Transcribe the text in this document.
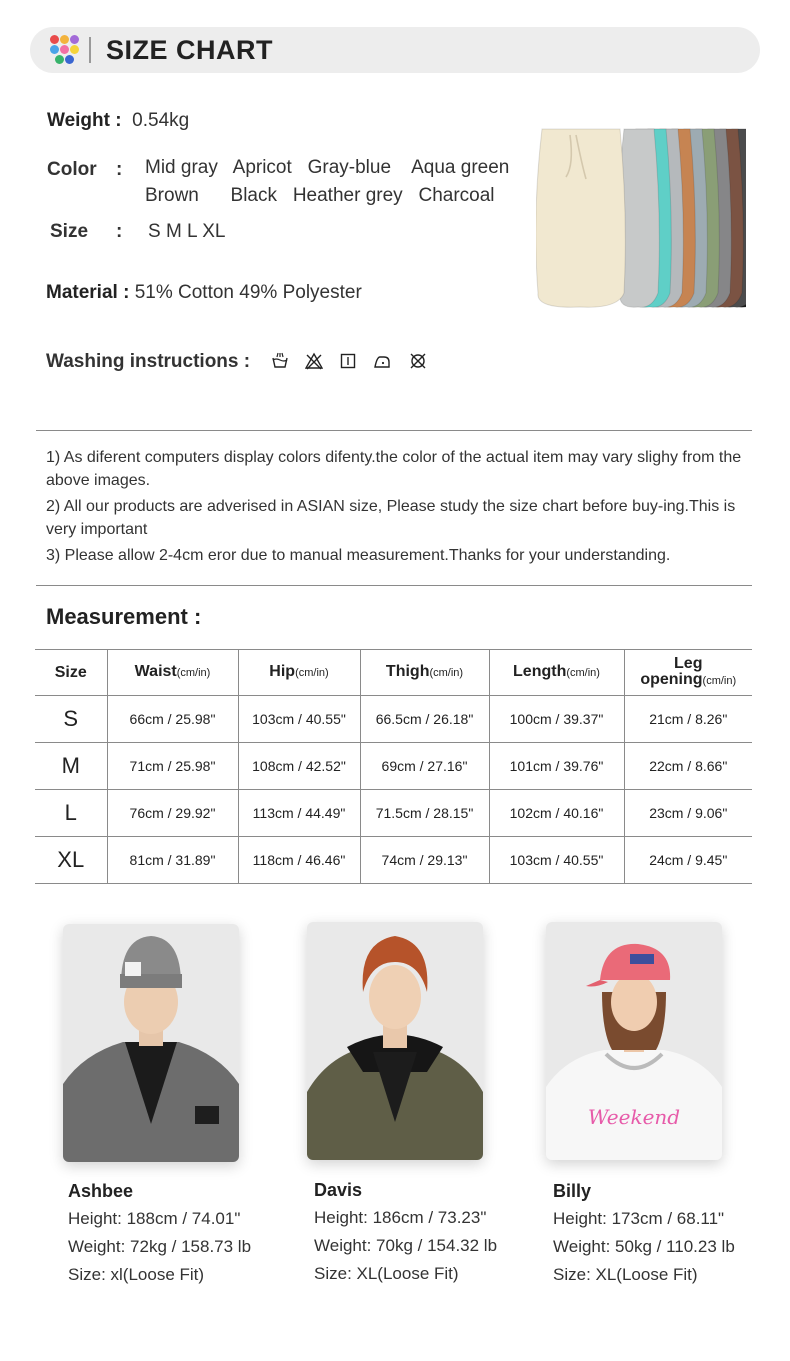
SIZE CHART
Weight : 0.54kg
Color : Mid gray   Apricot   Gray-blue    Aqua green
Brown      Black   Heather grey   Charcoal
Size : S M L XL
Material : 51% Cotton 49% Polyester
Washing instructions :

1) As diferent computers display colors difenty.the color of the actual item may vary slighy from the above images.

2) All our products are adverised in ASIAN size, Please study the size chart before buy-ing.This is very important

3) Please allow 2-4cm eror due to manual measurement.Thanks for your understanding.

Measurement :
Size	Waist(cm/in)	Hip(cm/in)	Thigh(cm/in)	Length(cm/in)	Leg
opening(cm/in)
S	66cm / 25.98"	103cm / 40.55"	66.5cm / 26.18"	100cm / 39.37"	21cm / 8.26"
M	71cm / 25.98"	108cm / 42.52"	69cm / 27.16"	101cm / 39.76"	22cm / 8.66"
L	76cm / 29.92"	113cm / 44.49"	71.5cm / 28.15"	102cm / 40.16"	23cm / 9.06"
XL	81cm / 31.89"	118cm / 46.46"	74cm / 29.13"	103cm / 40.55"	24cm / 9.45"
Weekend
Ashbee
Height: 188cm / 74.01"
Weight: 72kg / 158.73 lb
Size: xl(Loose Fit)
Davis
Height: 186cm / 73.23"
Weight: 70kg / 154.32 lb
Size: XL(Loose Fit)
Billy
Height: 173cm / 68.11"
Weight: 50kg / 110.23 lb
Size: XL(Loose Fit)
